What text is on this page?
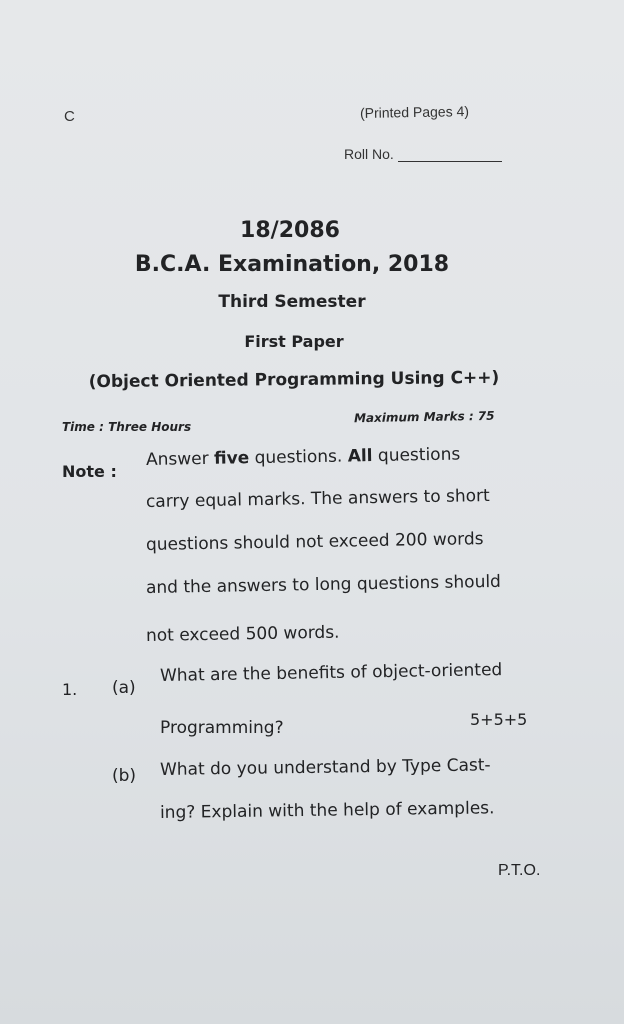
C	(Printed Pages 4)
Roll No.
18/2086
B.C.A. Examination, 2018
Third Semester
First Paper
(Object Oriented Programming Using C++)
Time : Three Hours
Maximum Marks : 75
Note :
Answer five questions. All questions
carry equal marks. The answers to short
questions should not exceed 200 words
and the answers to long questions should
not exceed 500 words.
1. (a)
What are the benefits of object-oriented
Programming?	5+5+5
(b) What do you understand by Type Cast-
ing? Explain with the help of examples.
P.T.O.
